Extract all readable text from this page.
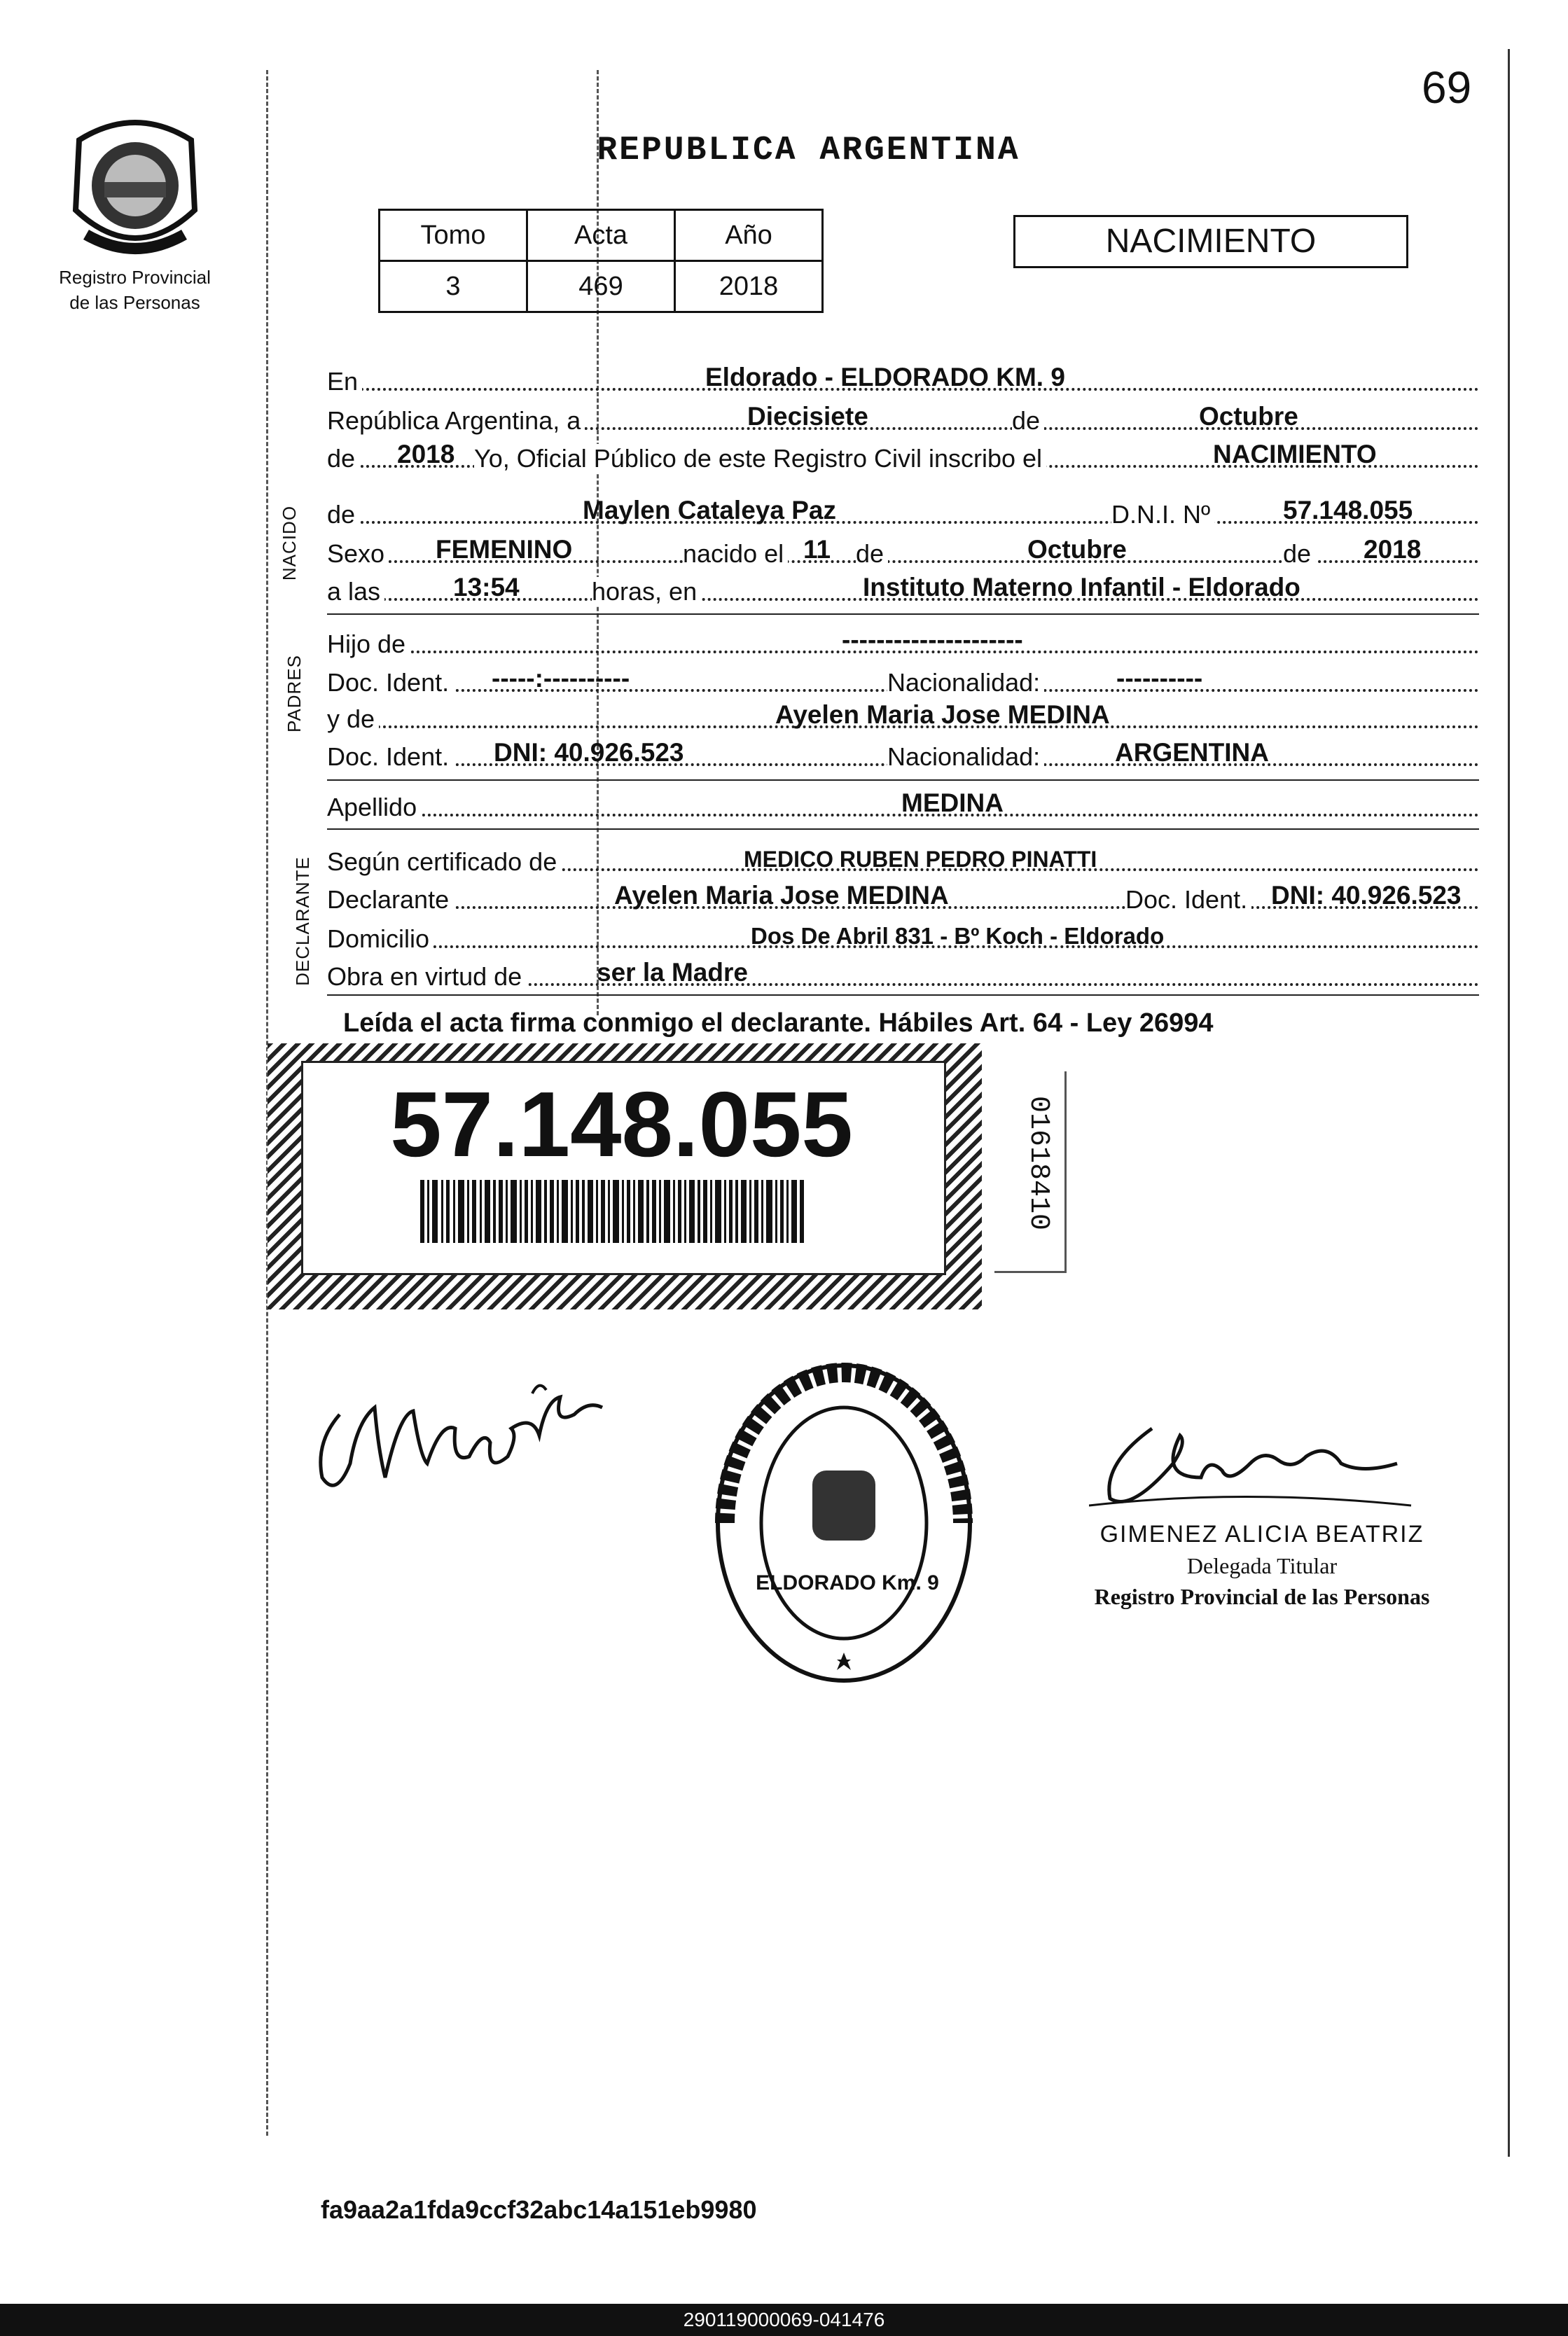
69
Registro Provincial
de las Personas
REPUBLICA ARGENTINA
Tomo	Acta	Año
3	469	2018
NACIMIENTO
En	Eldorado - ELDORADO KM. 9
República Argentina, a	Diecisiete	de	Octubre
de 2018 Yo, Oficial Público de este Registro Civil inscribo el	NACIMIENTO
NACIDO de	Maylen Cataleya Paz	D.N.I. Nº	57.148.055
Sexo FEMENINO	nacido el 11 de	Octubre	de 2018
a las	13:54	horas, en	Instituto Materno Infantil - Eldorado
PADRES
Hijo de	---------------------
Doc. Ident. -----:----------	Nacionalidad:	----------
y de	Ayelen Maria Jose MEDINA
Doc. Ident. DNI: 40.926.523	Nacionalidad:	ARGENTINA
Apellido	MEDINA
DECLARANTE Según certificado de	MEDICO RUBEN PEDRO PINATTI
Declarante	Ayelen Maria Jose MEDINA	Doc. Ident. DNI: 40.926.523
Domicilio	Dos De Abril 831 - Bº Koch - Eldorado
Obra en virtud de	ser la Madre
Leída el acta firma conmigo el declarante. Hábiles Art. 64 - Ley 26994
57.148.055	01618410
ELDORADO Km. 9
GIMENEZ ALICIA BEATRIZ
Delegada Titular
Registro Provincial de las Personas
fa9aa2a1fda9ccf32abc14a151eb9980
290119000069-041476
